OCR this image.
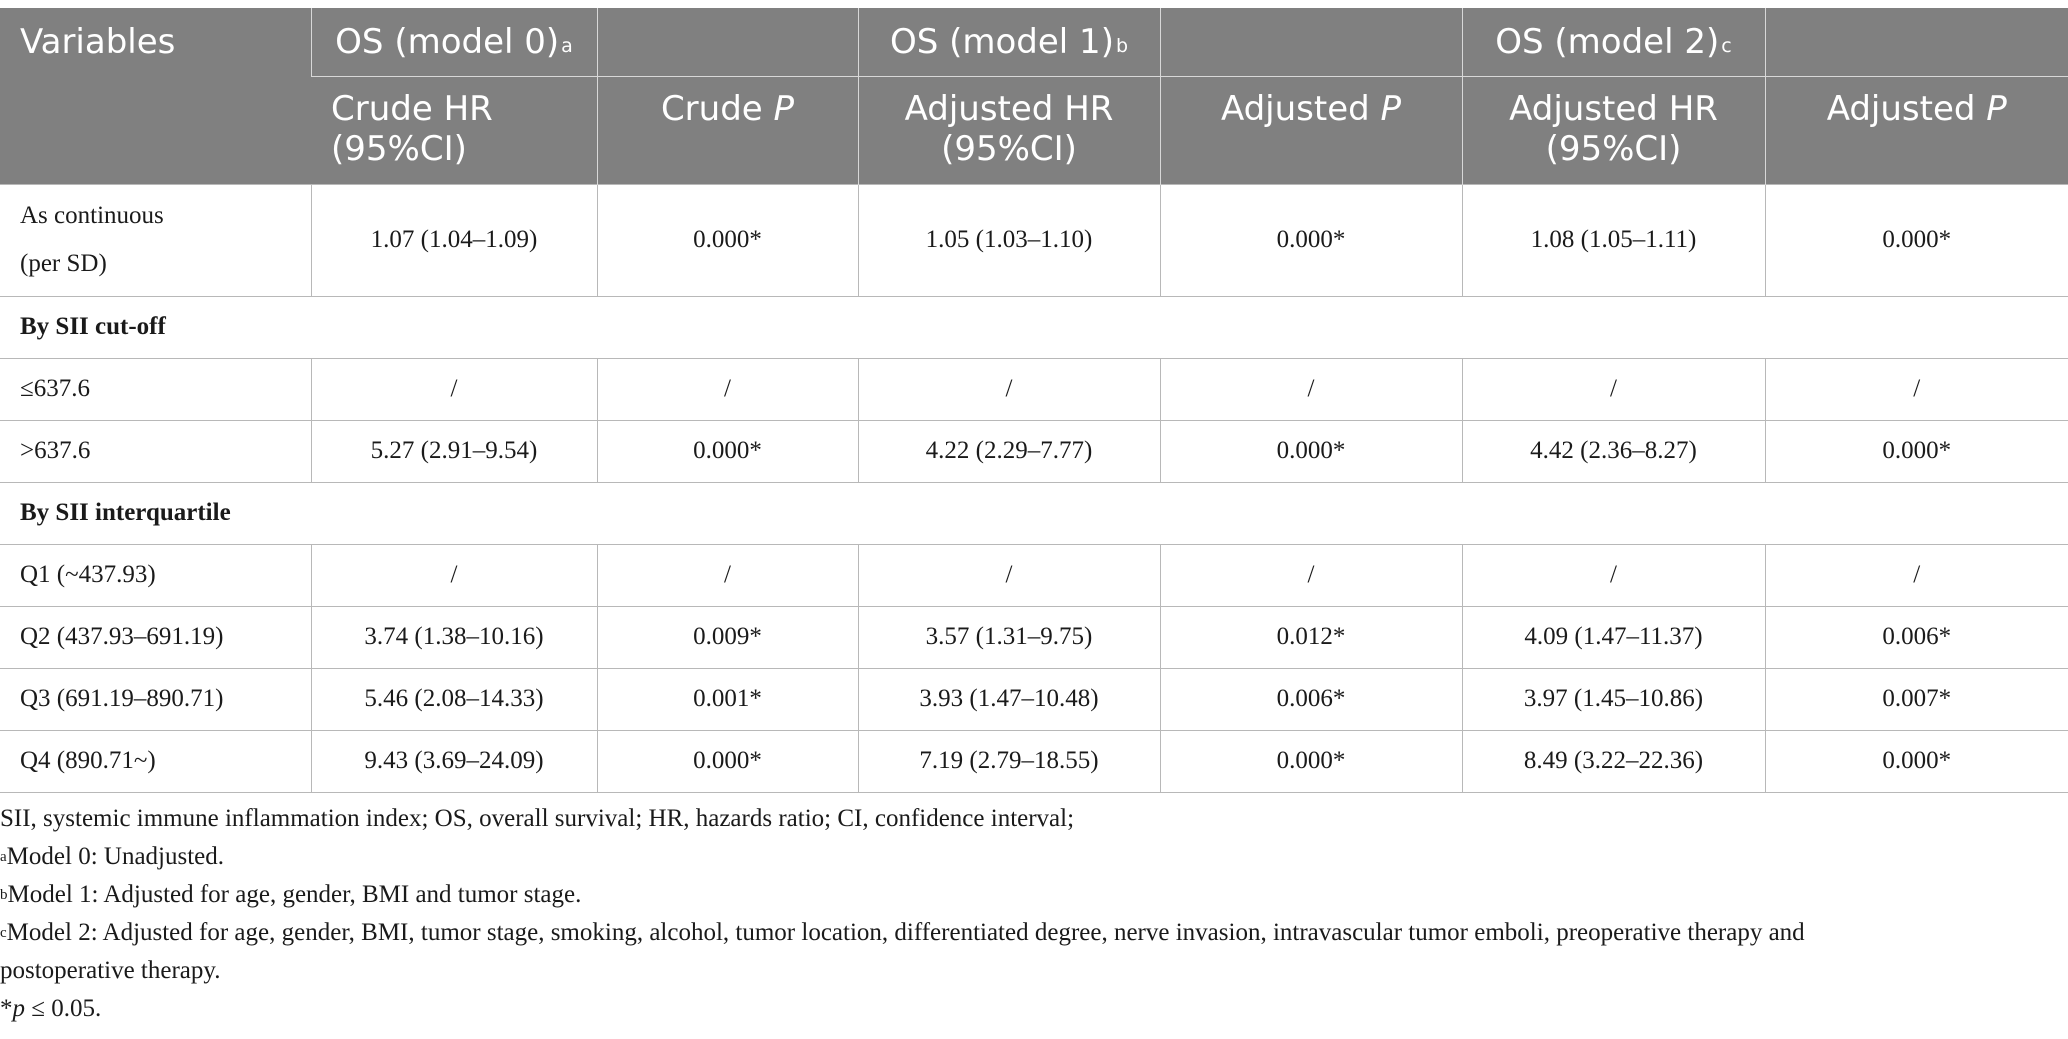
Variables	OS (model 0) $^a$		OS (model 1) $^b$		OS (model 2) $^c$	
	Crude HR (95%CI)	Crude P	Adjusted HR (95%CI)	Adjusted P	Adjusted HR (95%CI)	Adjusted P

As continuous
(per SD)	1.07 (1.04–1.09)	0.000*	1.05 (1.03–1.10)	0.000*	1.08 (1.05–1.11)	0.000*
By SII cut-off						
≤637.6	/	/	/	/	/	/
>637.6	5.27 (2.91–9.54)	0.000*	4.22 (2.29–7.77)	0.000*	4.42 (2.36–8.27)	0.000*
By SII interquartile						
Q1 (~437.93)	/	/	/	/	/	/
Q2 (437.93–691.19)	3.74 (1.38–10.16)	0.009*	3.57 (1.31–9.75)	0.012*	4.09 (1.47–11.37)	0.006*
Q3 (691.19–890.71)	5.46 (2.08–14.33)	0.001*	3.93 (1.47–10.48)	0.006*	3.97 (1.45–10.86)	0.007*
Q4 (890.71~)	9.43 (3.69–24.09)	0.000*	7.19 (2.79–18.55)	0.000*	8.49 (3.22–22.36)	0.000*

SII, systemic immune inflammation index; OS, overall survival; HR, hazards ratio; CI, confidence interval;

$^a$Model 0: Unadjusted.

$^b$Model 1: Adjusted for age, gender, BMI and tumor stage.

$^c$Model 2: Adjusted for age, gender, BMI, tumor stage, smoking, alcohol, tumor location, differentiated degree, nerve invasion, intravascular tumor emboli, preoperative therapy and

postoperative therapy.

*p ≤ 0.05.
